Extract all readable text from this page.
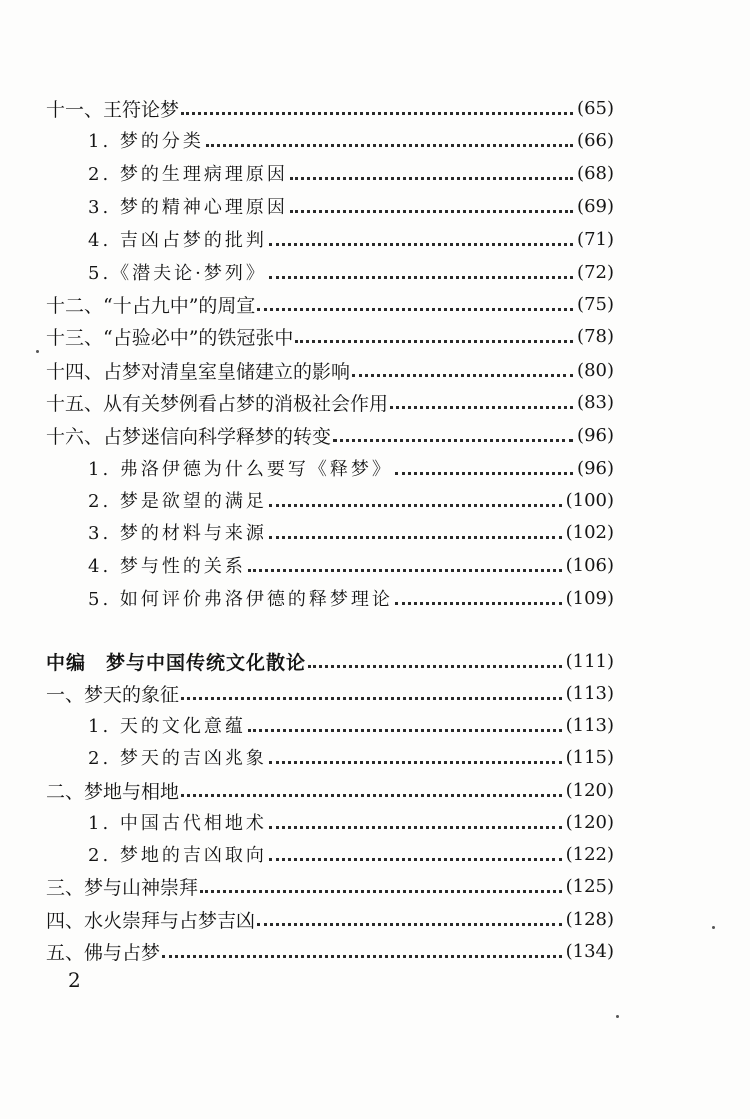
十一、王符论梦	(65)
1. 梦的分类	(66)
2. 梦的生理病理原因	(68)
3. 梦的精神心理原因	(69)
4. 吉凶占梦的批判	(71)
5.《潜夫论·梦列》	(72)
十二、“十占九中”的周宣	(75)
十三、“占验必中”的铁冠张中	(78)
十四、占梦对清皇室皇储建立的影响	(80)
十五、从有关梦例看占梦的消极社会作用	(83)
十六、占梦迷信向科学释梦的转变	(96)
1. 弗洛伊德为什么要写《释梦》	(96)
2. 梦是欲望的满足	(100)
3. 梦的材料与来源	(102)
4. 梦与性的关系	(106)
5. 如何评价弗洛伊德的释梦理论	(109)
中编　梦与中国传统文化散论	(111)
一、梦天的象征	(113)
1. 天的文化意蕴	(113)
2. 梦天的吉凶兆象	(115)
二、梦地与相地	(120)
1. 中国古代相地术	(120)
2. 梦地的吉凶取向	(122)
三、梦与山神崇拜	(125)
四、水火崇拜与占梦吉凶	(128)
五、佛与占梦	(134)
2
